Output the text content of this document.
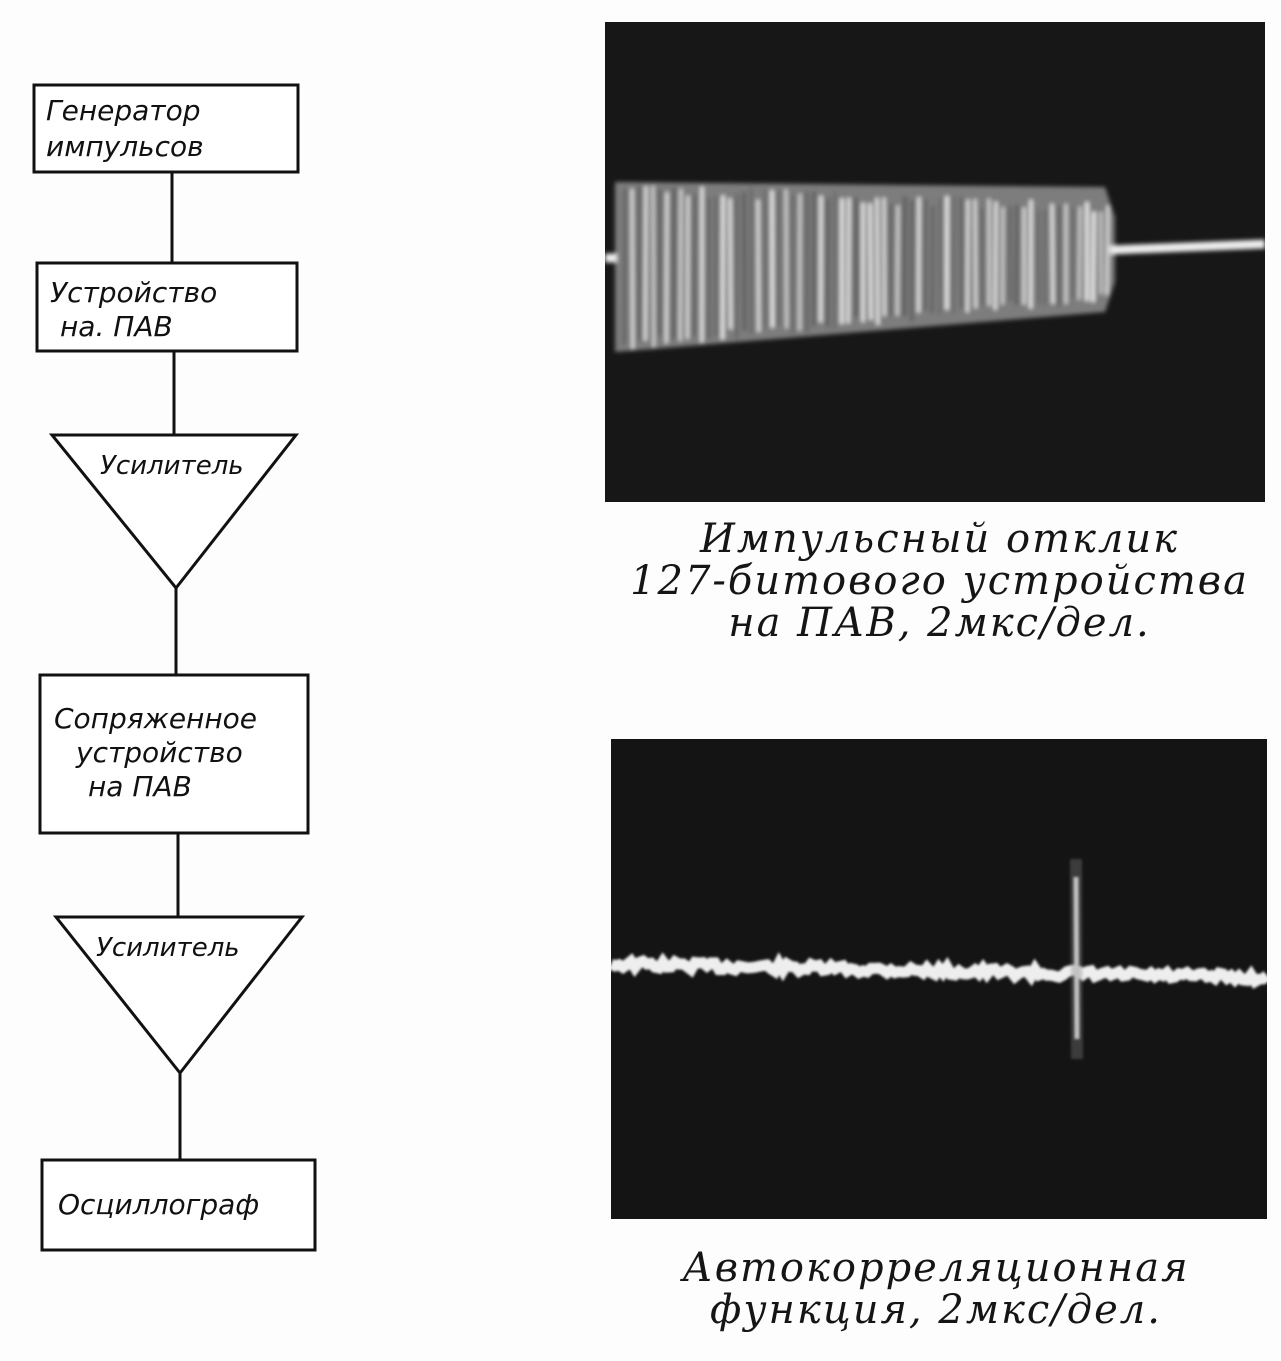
Генератор
импульсов
Устройство
на. ПАВ
Усилитель
Сопряженное
устройство
на ПАВ
Усилитель
Осциллограф
Импульсный отклик
127-битового устройства
на ПАВ, 2мкс/дел.
Автокорреляционная
функция, 2мкс/дел.
